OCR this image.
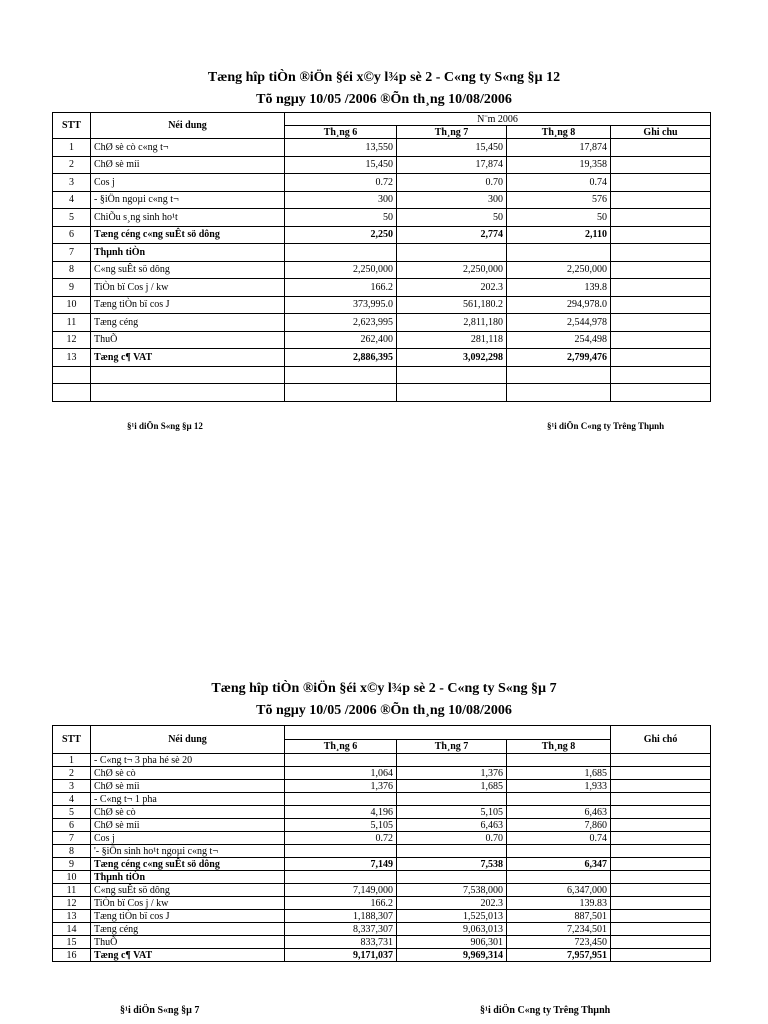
Tæng hîp tiÒn ®iÖn §éi x©y l¾p sè 2 - C«ng ty S«ng §µ 12
Tõ ngµy 10/05 /2006 ®Õn th¸ng 10/08/2006
STT	Néi dung	N¨m 2006			
		Th¸ng 6	Th¸ng 7	Th¸ng 8	Ghi chu
1	ChØ sè cò c«ng t¬	13,550	15,450	17,874	
2	ChØ sè míi	15,450	17,874	19,358	
3	Cos j	0.72	0.70	0.74	
4	- §iÖn ngoµi c«ng t¬	300	300	576	
5	ChiÕu s¸ng sinh ho¹t	50	50	50	
6	Tæng céng c«ng suÊt sö dông	2,250	2,774	2,110	
7	Thµnh tiÒn				
8	C«ng suÊt sö dông	2,250,000	2,250,000	2,250,000	
9	TiÒn bï Cos j / kw	166.2	202.3	139.8	
10	Tæng tiÒn bï cos J	373,995.0	561,180.2	294,978.0	
11	Tæng céng	2,623,995	2,811,180	2,544,978	
12	ThuÕ	262,400	281,118	254,498	
13	Tæng c¶ VAT	2,886,395	3,092,298	2,799,476	

§¹i diÖn S«ng §µ 12	§¹i diÖn C«ng ty Trêng Thµnh
Tæng hîp tiÒn ®iÖn §éi x©y l¾p sè 2 - C«ng ty S«ng §µ 7
Tõ ngµy 10/05 /2006 ®Õn th¸ng 10/08/2006
STT	Néi dung				Ghi chó
		Th¸ng 6	Th¸ng 7	Th¸ng 8	
1	- C«ng t¬ 3 pha hé sè 20				
2	ChØ sè cò	1,064	1,376	1,685	
3	ChØ sè míi	1,376	1,685	1,933	
4	- C«ng t¬ 1 pha				
5	ChØ sè cò	4,196	5,105	6,463	
6	ChØ sè míi	5,105	6,463	7,860	
7	Cos j	0.72	0.70	0.74	
8	'- §iÖn sinh ho¹t ngoµi c«ng t¬				
9	Tæng céng c«ng suÊt sö dông	7,149	7,538	6,347	
10	Thµnh tiÒn				
11	C«ng suÊt sö dông	7,149,000	7,538,000	6,347,000	
12	TiÒn bï Cos j / kw	166.2	202.3	139.83	
13	Tæng tiÒn bï cos J	1,188,307	1,525,013	887,501	
14	Tæng céng	8,337,307	9,063,013	7,234,501	
15	ThuÕ	833,731	906,301	723,450	
16	Tæng c¶ VAT	9,171,037	9,969,314	7,957,951	
§¹i diÖn S«ng §µ 7	§¹i diÖn C«ng ty Trêng Thµnh
